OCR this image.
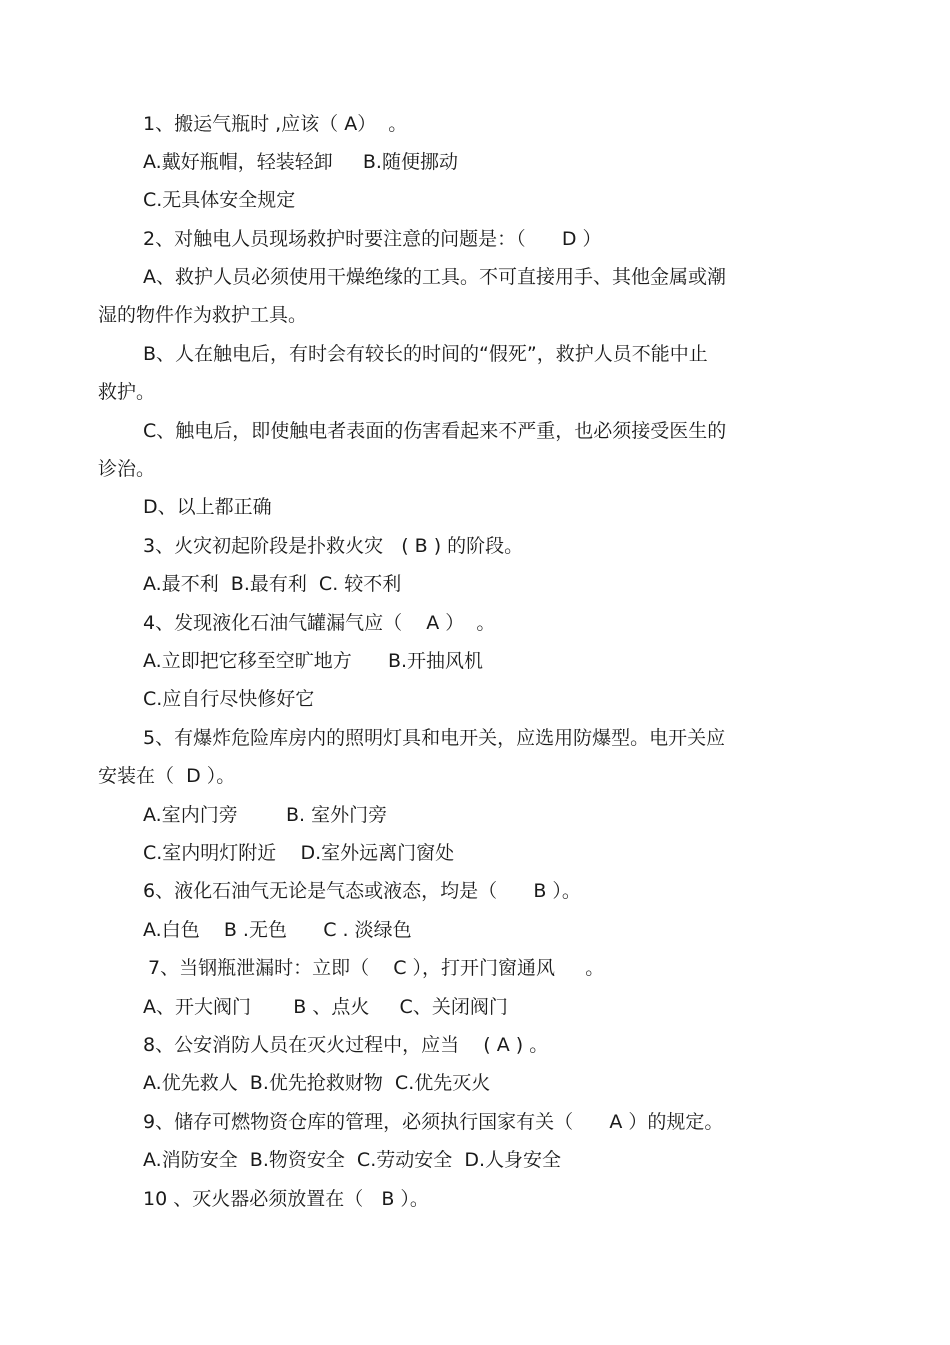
1、搬运气瓶时 ,应该（ A）  。
A.戴好瓶帽，轻装轻卸     B.随便挪动
C.无具体安全规定
2、对触电人员现场救护时要注意的问题是：（      D ）
A、救护人员必须使用干燥绝缘的工具。不可直接用手、其他金属或潮
湿的物件作为救护工具。
B、人在触电后，有时会有较长的时间的“假死”，救护人员不能中止
救护。
C、触电后，即使触电者表面的伤害看起来不严重，也必须接受医生的
诊治。
D、以上都正确
3、火灾初起阶段是扑救火灾   ( B ) 的阶段。
A.最不利  B.最有利  C. 较不利
4、发现液化石油气罐漏气应（    A ）  。
A.立即把它移至空旷地方      B.开抽风机
C.应自行尽快修好它
5、有爆炸危险库房内的照明灯具和电开关，应选用防爆型。电开关应
安装在（  D ）。
A.室内门旁        B. 室外门旁
C.室内明灯附近    D.室外远离门窗处
6、液化石油气无论是气态或液态，均是（      B ）。
A.白色    B .无色      C . 淡绿色
7、当钢瓶泄漏时：立即（    C ），打开门窗通风     。
A、开大阀门       B 、点火     C、关闭阀门
8、公安消防人员在灭火过程中，应当    ( A ) 。
A.优先救人  B.优先抢救财物  C.优先灭火
9、储存可燃物资仓库的管理，必须执行国家有关（      A ）的规定。
A.消防安全  B.物资安全  C.劳动安全  D.人身安全
10 、灭火器必须放置在（   B ）。
